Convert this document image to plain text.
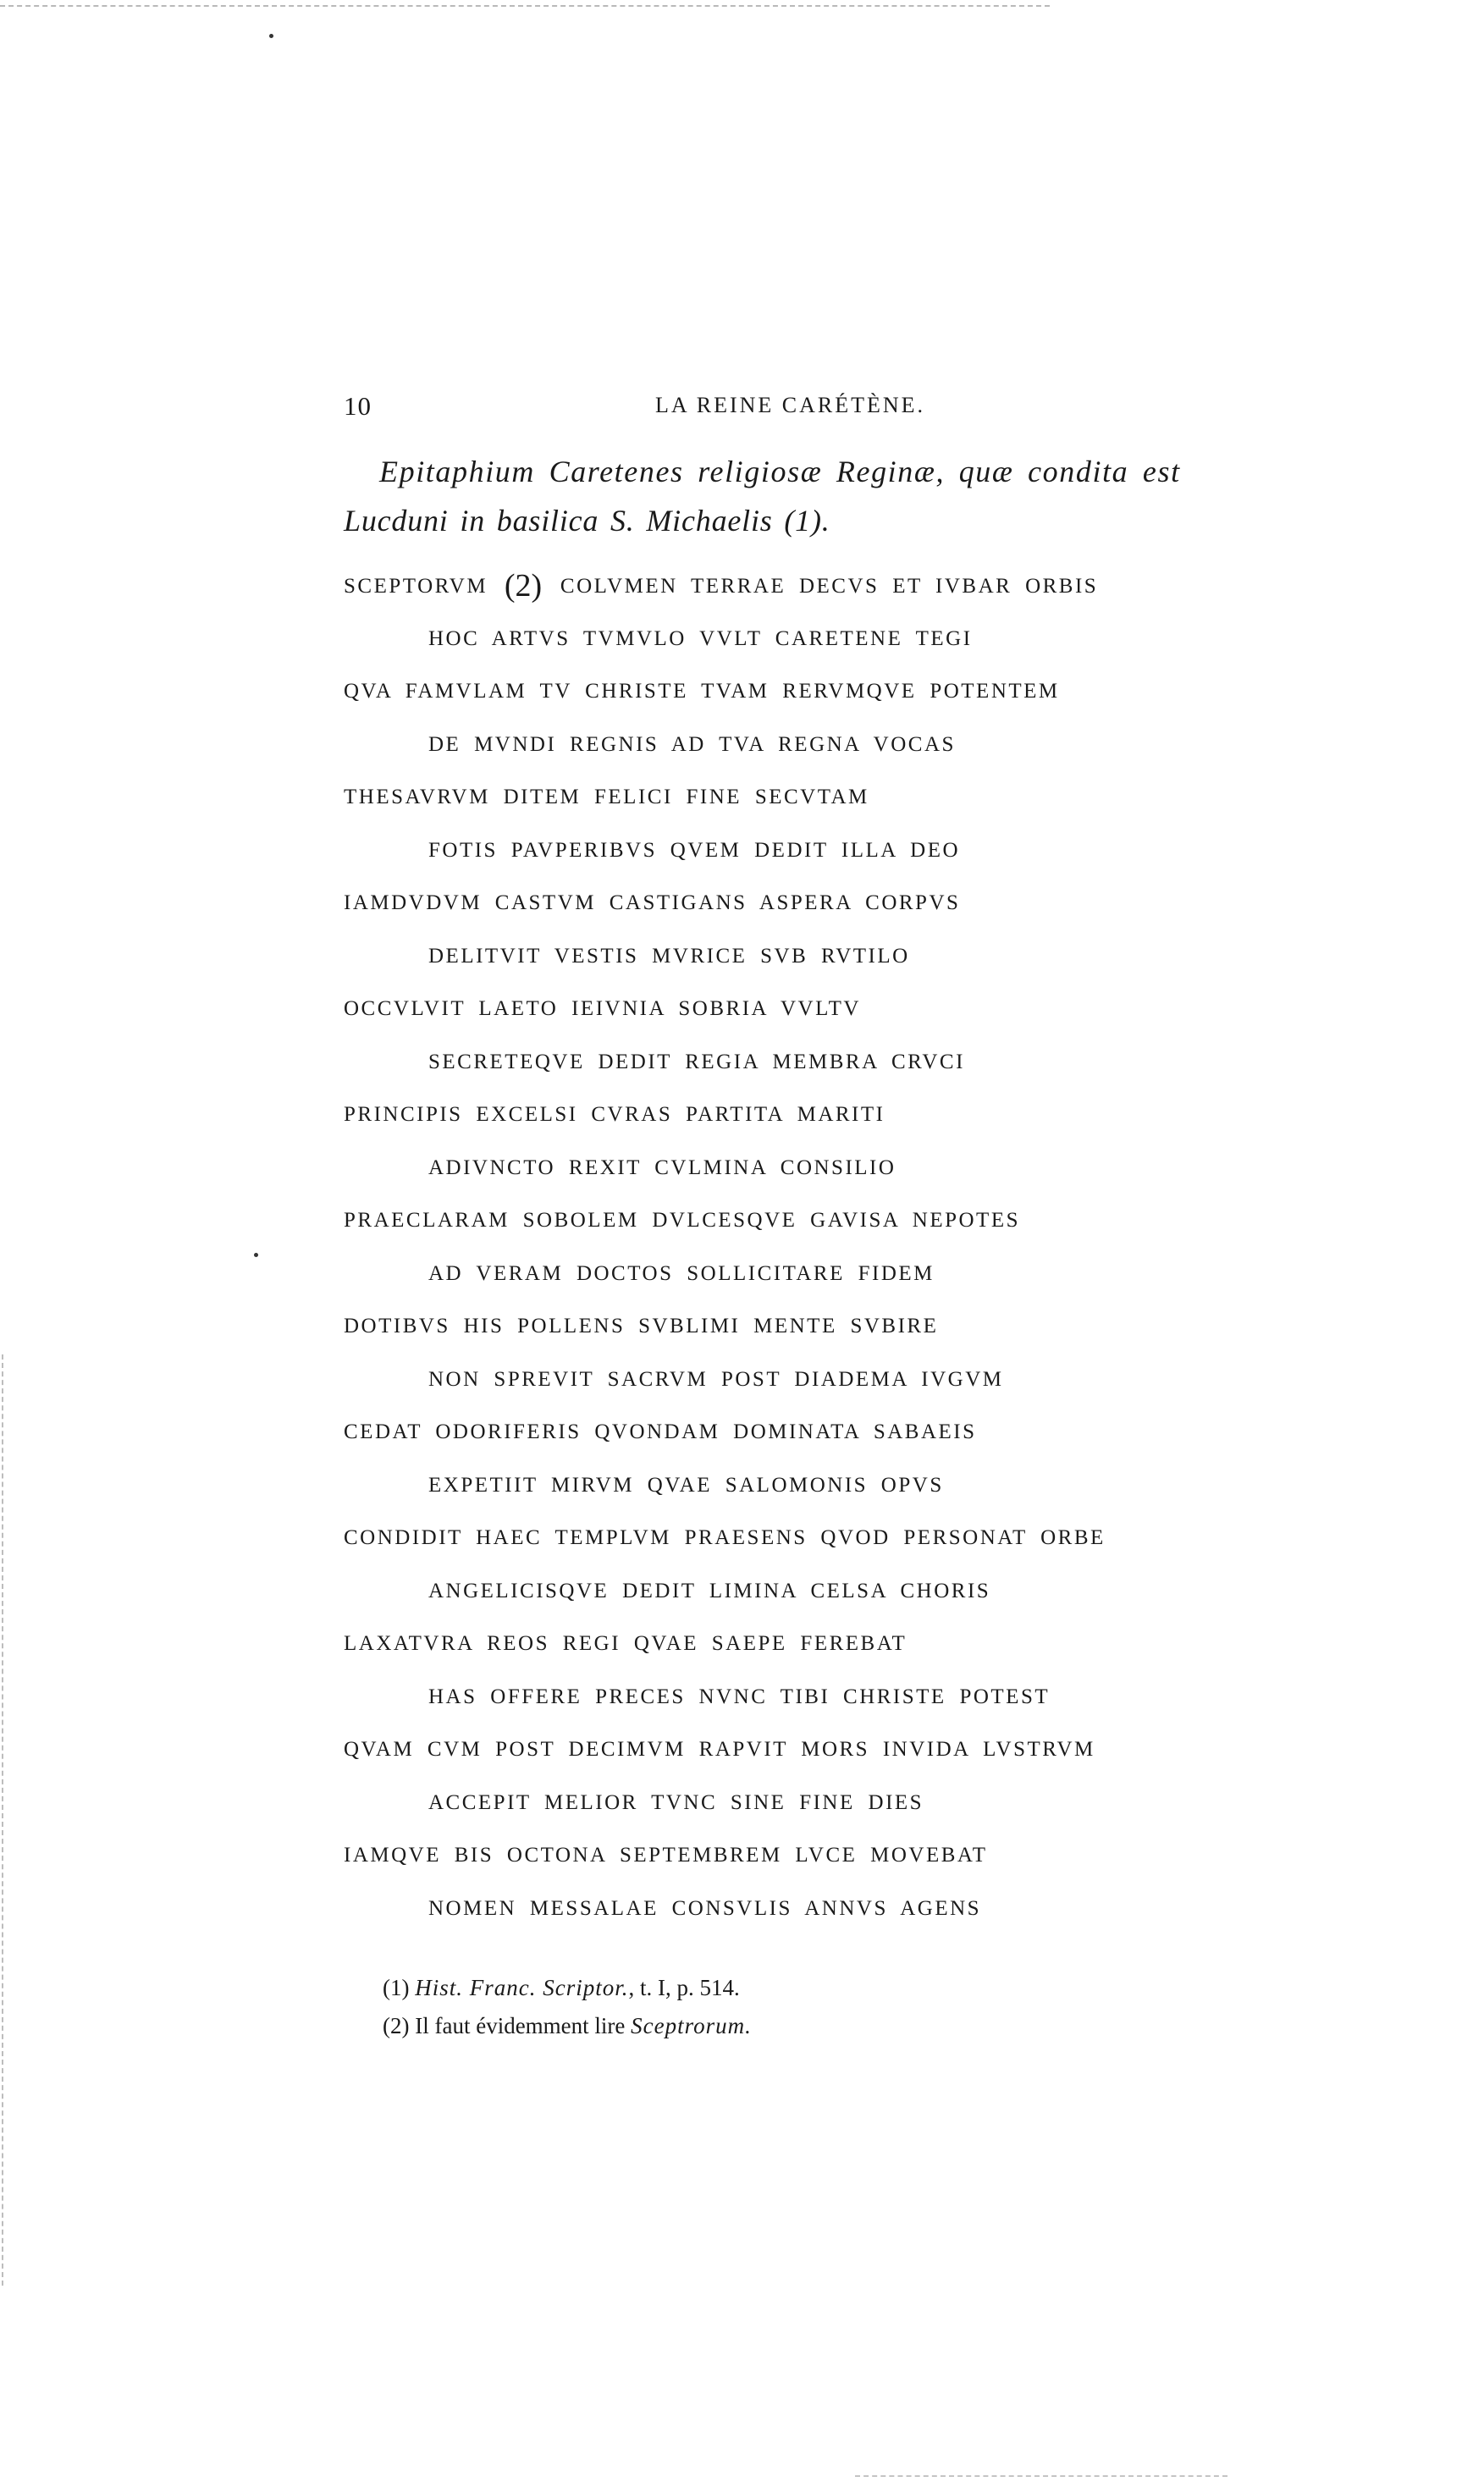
10	LA REINE CARÉTÈNE.
Epitaphium Caretenes religiosæ Reginæ, quæ condita est
Lucduni in basilica S. Michaelis (1).
SCEPTORVM (2) COLVMEN TERRAE DECVS ET IVBAR ORBIS
HOC ARTVS TVMVLO VVLT CARETENE TEGI
QVA FAMVLAM TV CHRISTE TVAM RERVMQVE POTENTEM
DE MVNDI REGNIS AD TVA REGNA VOCAS
THESAVRVM DITEM FELICI FINE SECVTAM
FOTIS PAVPERIBVS QVEM DEDIT ILLA DEO
IAMDVDVM CASTVM CASTIGANS ASPERA CORPVS
DELITVIT VESTIS MVRICE SVB RVTILO
OCCVLVIT LAETO IEIVNIA SOBRIA VVLTV
SECRETEQVE DEDIT REGIA MEMBRA CRVCI
PRINCIPIS EXCELSI CVRAS PARTITA MARITI
ADIVNCTO REXIT CVLMINA CONSILIO
PRAECLARAM SOBOLEM DVLCESQVE GAVISA NEPOTES
AD VERAM DOCTOS SOLLICITARE FIDEM
DOTIBVS HIS POLLENS SVBLIMI MENTE SVBIRE
NON SPREVIT SACRVM POST DIADEMA IVGVM
CEDAT ODORIFERIS QVONDAM DOMINATA SABAEIS
EXPETIIT MIRVM QVAE SALOMONIS OPVS
CONDIDIT HAEC TEMPLVM PRAESENS QVOD PERSONAT ORBE
ANGELICISQVE DEDIT LIMINA CELSA CHORIS
LAXATVRA REOS REGI QVAE SAEPE FEREBAT
HAS OFFERE PRECES NVNC TIBI CHRISTE POTEST
QVAM CVM POST DECIMVM RAPVIT MORS INVIDA LVSTRVM
ACCEPIT MELIOR TVNC SINE FINE DIES
IAMQVE BIS OCTONA SEPTEMBREM LVCE MOVEBAT
NOMEN MESSALAE CONSVLIS ANNVS AGENS
(1) Hist. Franc. Scriptor., t. I, p. 514.
(2) Il faut évidemment lire Sceptrorum.
